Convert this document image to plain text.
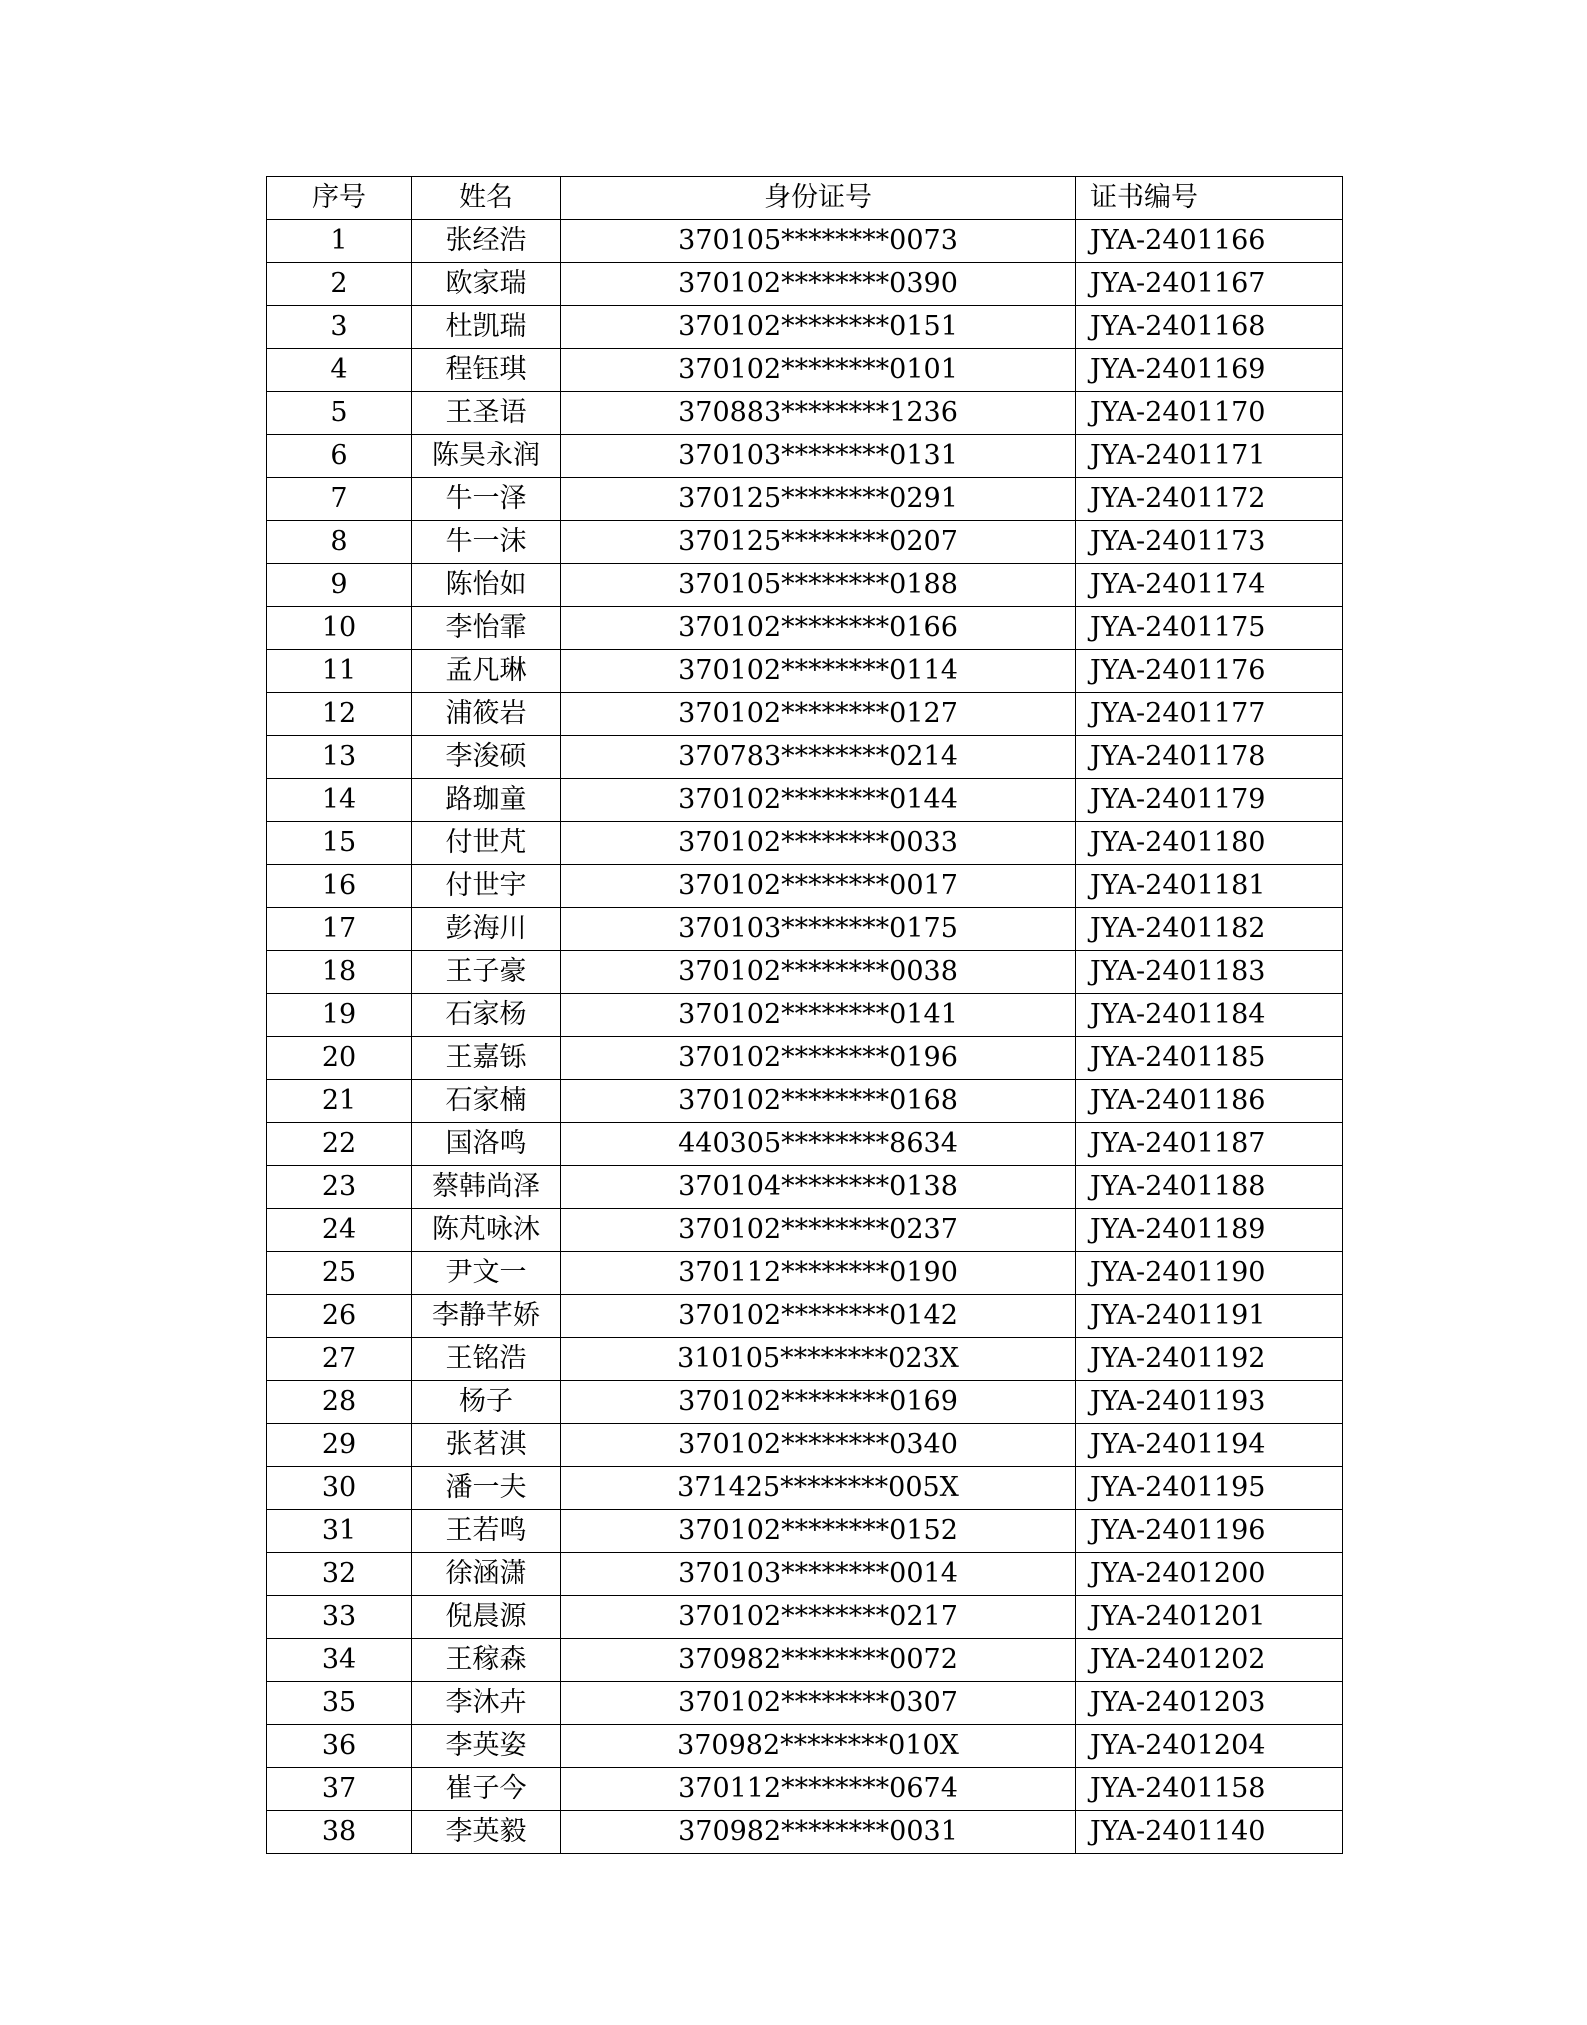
序号	姓名	身份证号	证书编号
1	张经浩	370105********0073	JYA-2401166
2	欧家瑞	370102********0390	JYA-2401167
3	杜凯瑞	370102********0151	JYA-2401168
4	程钰琪	370102********0101	JYA-2401169
5	王圣语	370883********1236	JYA-2401170
6	陈昊永润	370103********0131	JYA-2401171
7	牛一泽	370125********0291	JYA-2401172
8	牛一沫	370125********0207	JYA-2401173
9	陈怡如	370105********0188	JYA-2401174
10	李怡霏	370102********0166	JYA-2401175
11	孟凡琳	370102********0114	JYA-2401176
12	浦筱岩	370102********0127	JYA-2401177
13	李浚硕	370783********0214	JYA-2401178
14	路珈童	370102********0144	JYA-2401179
15	付世芃	370102********0033	JYA-2401180
16	付世宇	370102********0017	JYA-2401181
17	彭海川	370103********0175	JYA-2401182
18	王子豪	370102********0038	JYA-2401183
19	石家杨	370102********0141	JYA-2401184
20	王嘉铄	370102********0196	JYA-2401185
21	石家楠	370102********0168	JYA-2401186
22	国洛鸣	440305********8634	JYA-2401187
23	蔡韩尚泽	370104********0138	JYA-2401188
24	陈芃咏沐	370102********0237	JYA-2401189
25	尹文一	370112********0190	JYA-2401190
26	李静芊娇	370102********0142	JYA-2401191
27	王铭浩	310105********023X	JYA-2401192
28	杨子	370102********0169	JYA-2401193
29	张茗淇	370102********0340	JYA-2401194
30	潘一夫	371425********005X	JYA-2401195
31	王若鸣	370102********0152	JYA-2401196
32	徐涵潇	370103********0014	JYA-2401200
33	倪晨源	370102********0217	JYA-2401201
34	王稼森	370982********0072	JYA-2401202
35	李沐卉	370102********0307	JYA-2401203
36	李英姿	370982********010X	JYA-2401204
37	崔子今	370112********0674	JYA-2401158
38	李英毅	370982********0031	JYA-2401140
